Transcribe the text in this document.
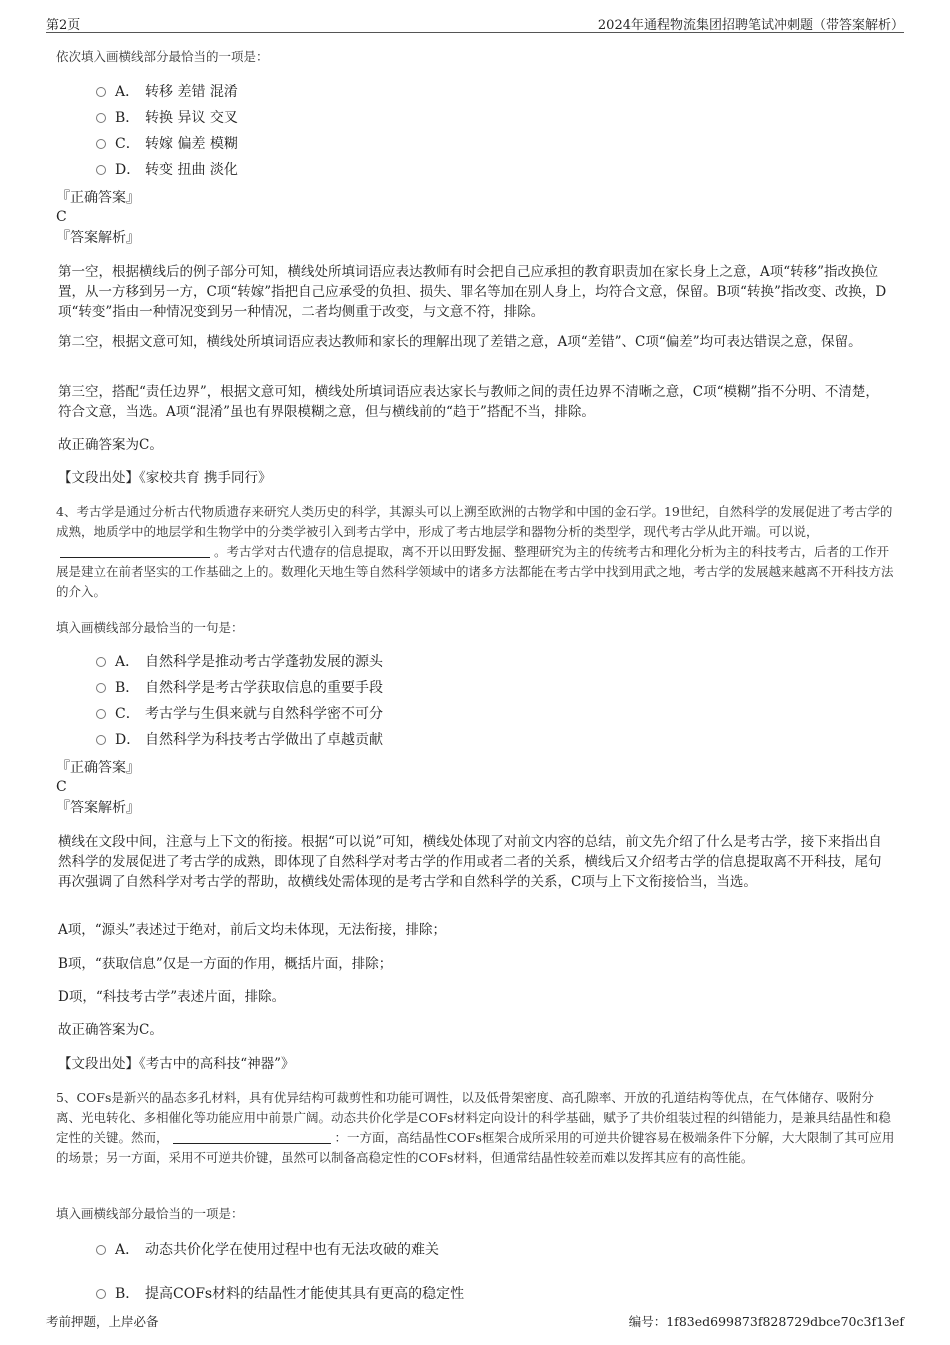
第2页	2024年通程物流集团招聘笔试冲刺题（带答案解析）
依次填入画横线部分最恰当的一项是：
A． 转移 差错 混淆
B． 转换 异议 交叉
C． 转嫁 偏差 模糊
D． 转变 扭曲 淡化
『正确答案』
C
『答案解析』
第一空，根据横线后的例子部分可知，横线处所填词语应表达教师有时会把自己应承担的教育职责加在家长身上之意，A项“转移”指改换位置，从一方移到另一方，C项“转嫁”指把自己应承受的负担、损失、罪名等加在别人身上，均符合文意，保留。B项“转换”指改变、改换，D项“转变”指由一种情况变到另一种情况，二者均侧重于改变，与文意不符，排除。
第二空，根据文意可知，横线处所填词语应表达教师和家长的理解出现了差错之意，A项“差错”、C项“偏差”均可表达错误之意，保留。
第三空，搭配“责任边界”，根据文意可知，横线处所填词语应表达家长与教师之间的责任边界不清晰之意，C项“模糊”指不分明、不清楚，符合文意，当选。A项“混淆”虽也有界限模糊之意，但与横线前的“趋于”搭配不当，排除。
故正确答案为C。
【文段出处】《家校共育 携手同行》
4、考古学是通过分析古代物质遗存来研究人类历史的科学，其源头可以上溯至欧洲的古物学和中国的金石学。19世纪，自然科学的发展促进了考古学的成熟，地质学中的地层学和生物学中的分类学被引入到考古学中，形成了考古地层学和器物分析的类型学，现代考古学从此开端。可以说，。考古学对古代遗存的信息提取，离不开以田野发掘、整理研究为主的传统考古和理化分析为主的科技考古，后者的工作开展是建立在前者坚实的工作基础之上的。数理化天地生等自然科学领域中的诸多方法都能在考古学中找到用武之地，考古学的发展越来越离不开科技方法的介入。
填入画横线部分最恰当的一句是：
A． 自然科学是推动考古学蓬勃发展的源头
B． 自然科学是考古学获取信息的重要手段
C． 考古学与生俱来就与自然科学密不可分
D． 自然科学为科技考古学做出了卓越贡献
『正确答案』
C
『答案解析』
横线在文段中间，注意与上下文的衔接。根据“可以说”可知，横线处体现了对前文内容的总结，前文先介绍了什么是考古学，接下来指出自然科学的发展促进了考古学的成熟，即体现了自然科学对考古学的作用或者二者的关系，横线后又介绍考古学的信息提取离不开科技，尾句再次强调了自然科学对考古学的帮助，故横线处需体现的是考古学和自然科学的关系，C项与上下文衔接恰当，当选。
A项，“源头”表述过于绝对，前后文均未体现，无法衔接，排除；
B项，“获取信息”仅是一方面的作用，概括片面，排除；
D项，“科技考古学”表述片面，排除。
故正确答案为C。
【文段出处】《考古中的高科技“神器”》
5、COFs是新兴的晶态多孔材料，具有优异结构可裁剪性和功能可调性，以及低骨架密度、高孔隙率、开放的孔道结构等优点，在气体储存、吸附分离、光电转化、多相催化等功能应用中前景广阔。动态共价化学是COFs材料定向设计的科学基础，赋予了共价组装过程的纠错能力，是兼具结晶性和稳定性的关键。然而，	：一方面，高结晶性COFs框架合成所采用的可逆共价键容易在极端条件下分解，大大限制了其可应用的场景；另一方面，采用不可逆共价键，虽然可以制备高稳定性的COFs材料，但通常结晶性较差而难以发挥其应有的高性能。
填入画横线部分最恰当的一项是：
A． 动态共价化学在使用过程中也有无法攻破的难关
B． 提高COFs材料的结晶性才能使其具有更高的稳定性
考前押题，上岸必备	编号：1f83ed699873f828729dbce70c3f13ef
